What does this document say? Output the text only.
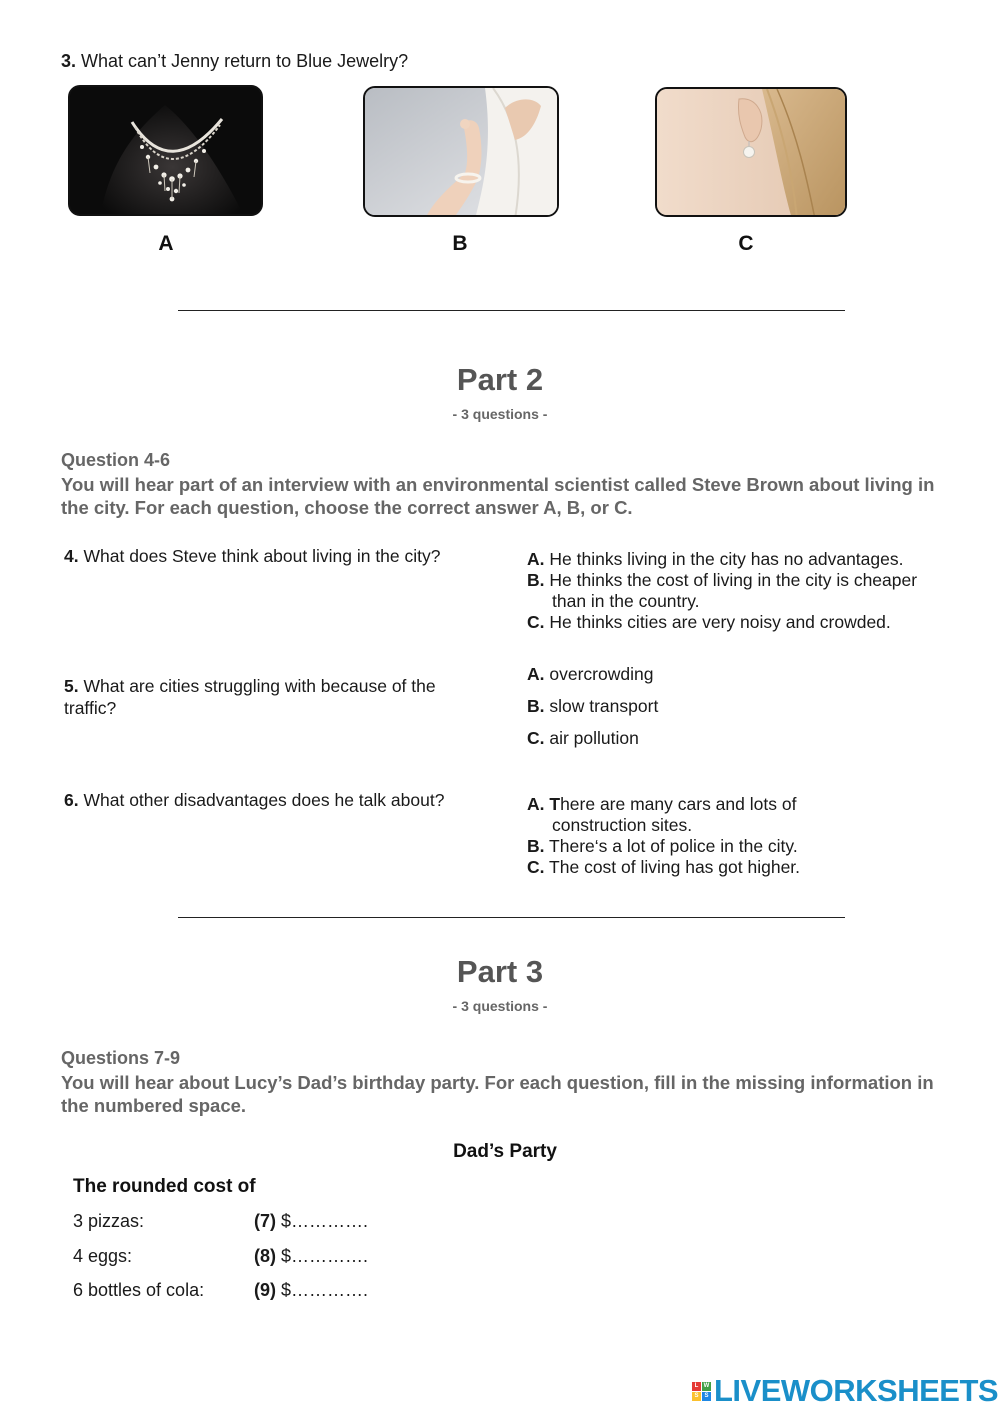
3. What can’t Jenny return to Blue Jewelry?
A	B	C
Part 2
- 3 questions -
Question 4-6
You will hear part of an interview with an environmental scientist called Steve Brown about living in the city. For each question, choose the correct answer A, B, or C.
4. What does Steve think about living in the city?	A. He thinks living in the city has no advantages.
B. He thinks the cost of living in the city is cheaper
than in the country.
C. He thinks cities are very noisy and crowded.
5. What are cities struggling with because of the traffic?
A. overcrowding
B. slow transport
C. air pollution
6. What other disadvantages does he talk about?	A. There are many cars and lots of
construction sites.
B. There‘s a lot of police in the city.
C. The cost of living has got higher.
Part 3
- 3 questions -
Questions 7-9
You will hear about Lucy’s Dad’s birthday party. For each question, fill in the missing information in the numbered space.
Dad’s Party
The rounded cost of
3 pizzas:	(7) $………….
4 eggs:	(8) $………….
6 bottles of cola:	(9) $………….
L W
S S LIVEWORKSHEETS
